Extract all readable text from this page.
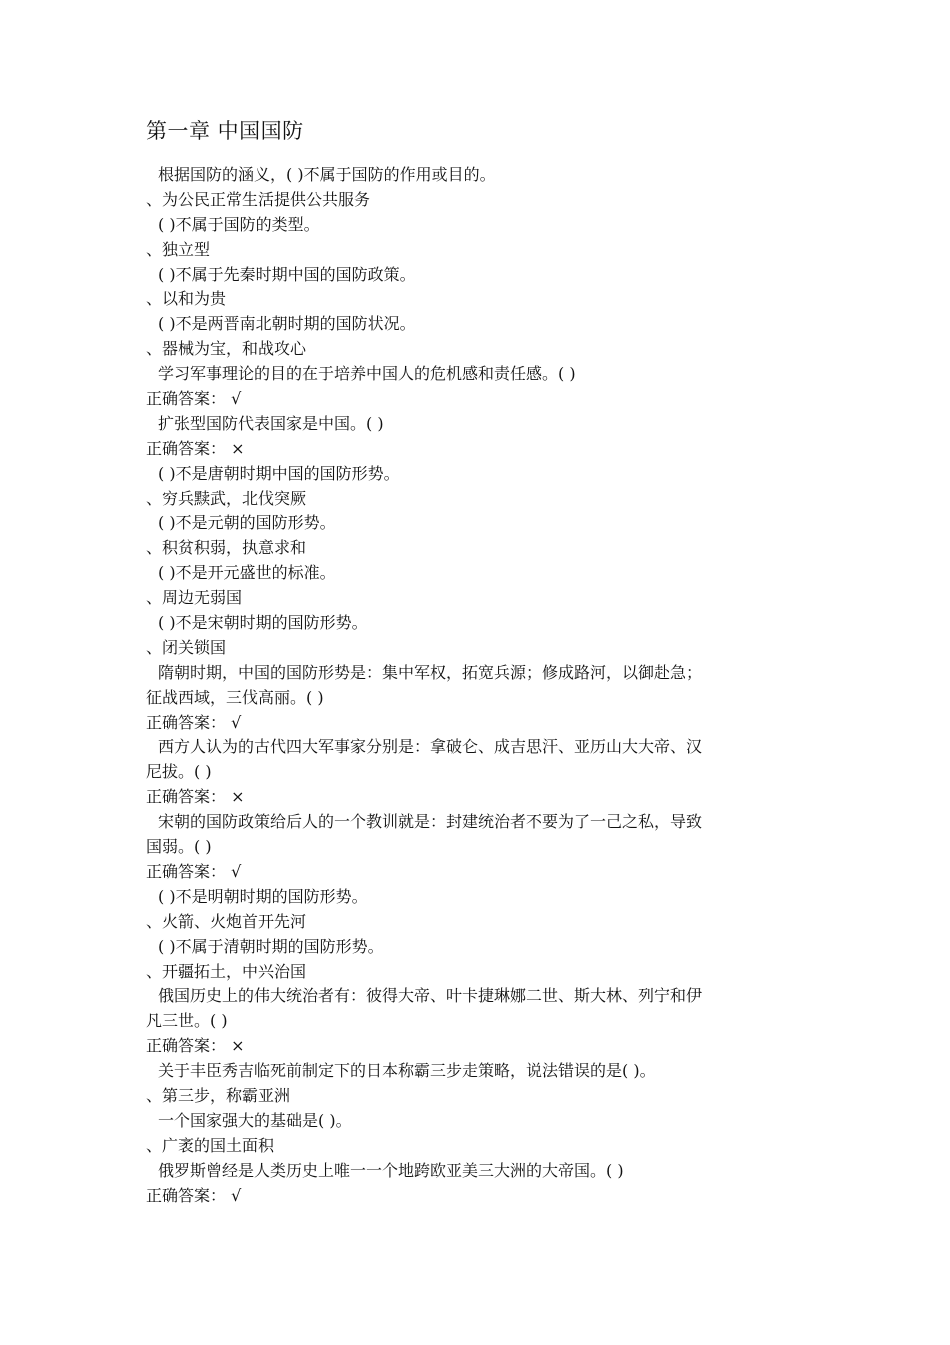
第一章 中国国防
根据国防的涵义，( )不属于国防的作用或目的。
、为公民正常生活提供公共服务
( )不属于国防的类型。
、独立型
( )不属于先秦时期中国的国防政策。
、以和为贵
( )不是两晋南北朝时期的国防状况。
、器械为宝，和战攻心
学习军事理论的目的在于培养中国人的危机感和责任感。( )
正确答案： √
扩张型国防代表国家是中国。( )
正确答案： ×
( )不是唐朝时期中国的国防形势。
、穷兵黩武，北伐突厥
( )不是元朝的国防形势。
、积贫积弱，执意求和
( )不是开元盛世的标准。
、周边无弱国
( )不是宋朝时期的国防形势。
、闭关锁国
隋朝时期，中国的国防形势是：集中军权，拓宽兵源；修成路河，以御赴急；
征战西域，三伐高丽。( )
正确答案： √
西方人认为的古代四大军事家分别是：拿破仑、成吉思汗、亚历山大大帝、汉
尼拔。( )
正确答案： ×
宋朝的国防政策给后人的一个教训就是：封建统治者不要为了一己之私，导致
国弱。( )
正确答案： √
( )不是明朝时期的国防形势。
、火箭、火炮首开先河
( )不属于清朝时期的国防形势。
、开疆拓土，中兴治国
俄国历史上的伟大统治者有：彼得大帝、叶卡捷琳娜二世、斯大林、列宁和伊
凡三世。( )
正确答案： ×
关于丰臣秀吉临死前制定下的日本称霸三步走策略，说法错误的是( )。
、第三步，称霸亚洲
一个国家强大的基础是( )。
、广袤的国土面积
俄罗斯曾经是人类历史上唯一一个地跨欧亚美三大洲的大帝国。( )
正确答案： √
